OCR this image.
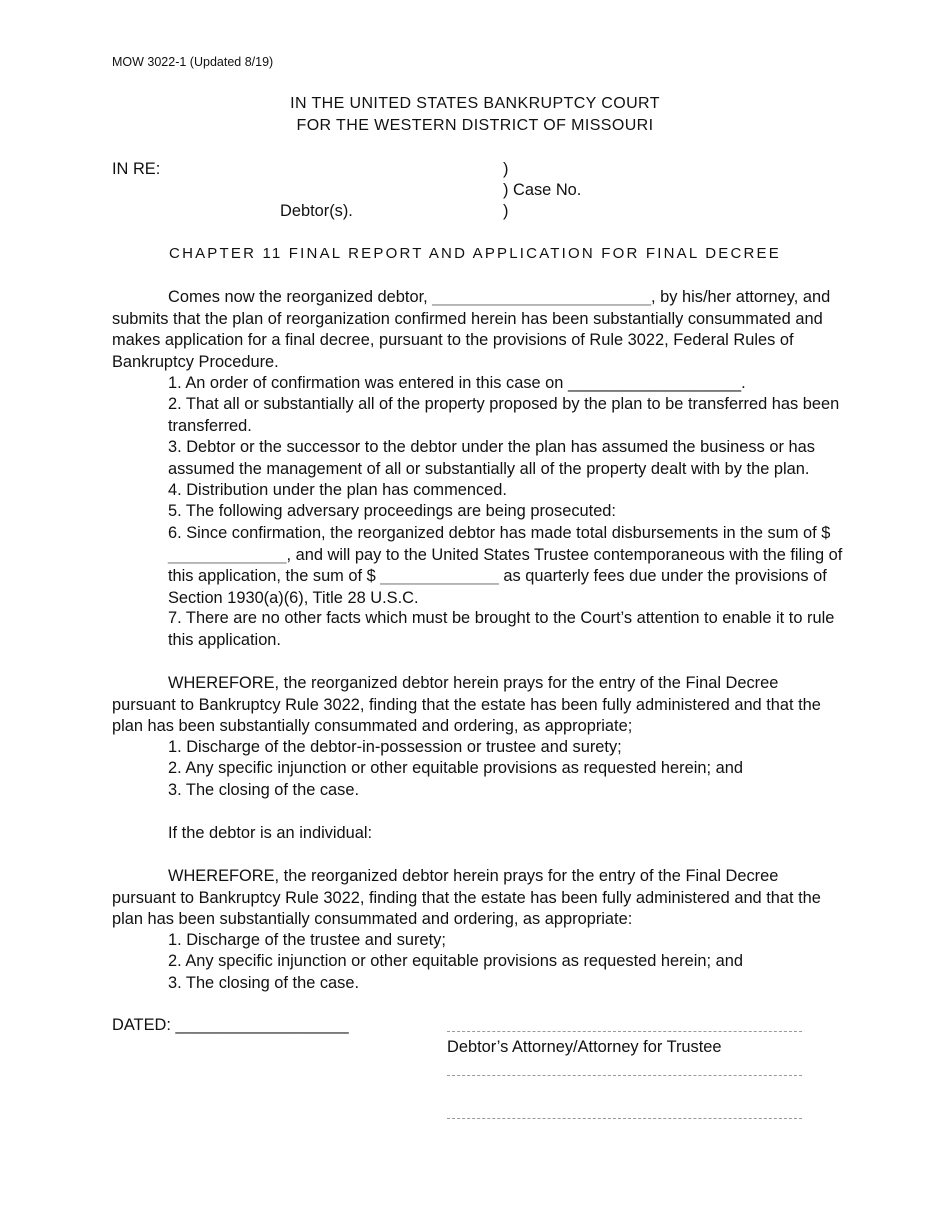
MOW 3022-1 (Updated 8/19)
IN THE UNITED STATES BANKRUPTCY COURT
FOR THE WESTERN DISTRICT OF MISSOURI
IN RE:	)
) Case No.
Debtor(s).	)
CHAPTER 11 FINAL REPORT AND APPLICATION FOR FINAL DECREE
Comes now the reorganized debtor, ________________________, by his/her attorney, and submits that the plan of reorganization confirmed herein has been substantially consummated and makes application for a final decree, pursuant to the provisions of Rule 3022, Federal Rules of Bankruptcy Procedure.
1. An order of confirmation was entered in this case on ___________________.
2. That all or substantially all of the property proposed by the plan to be transferred has been transferred.
3. Debtor or the successor to the debtor under the plan has assumed the business or has assumed the management of all or substantially all of the property dealt with by the plan.
4. Distribution under the plan has commenced.
5. The following adversary proceedings are being prosecuted:
6. Since confirmation, the reorganized debtor has made total disbursements in the sum of $ _____________, and will pay to the United States Trustee contemporaneous with the filing of this application, the sum of $ _____________ as quarterly fees due under the provisions of Section 1930(a)(6), Title 28 U.S.C.
7. There are no other facts which must be brought to the Court’s attention to enable it to rule this application.
WHEREFORE, the reorganized debtor herein prays for the entry of the Final Decree pursuant to Bankruptcy Rule 3022, finding that the estate has been fully administered and that the plan has been substantially consummated and ordering, as appropriate;
1. Discharge of the debtor-in-possession or trustee and surety;
2. Any specific injunction or other equitable provisions as requested herein; and
3. The closing of the case.
If the debtor is an individual:
WHEREFORE, the reorganized debtor herein prays for the entry of the Final Decree pursuant to Bankruptcy Rule 3022, finding that the estate has been fully administered and that the plan has been substantially consummated and ordering, as appropriate:
1. Discharge of the trustee and surety;
2. Any specific injunction or other equitable provisions as requested herein; and
3. The closing of the case.
DATED: ___________________
Debtor’s Attorney/Attorney for Trustee
